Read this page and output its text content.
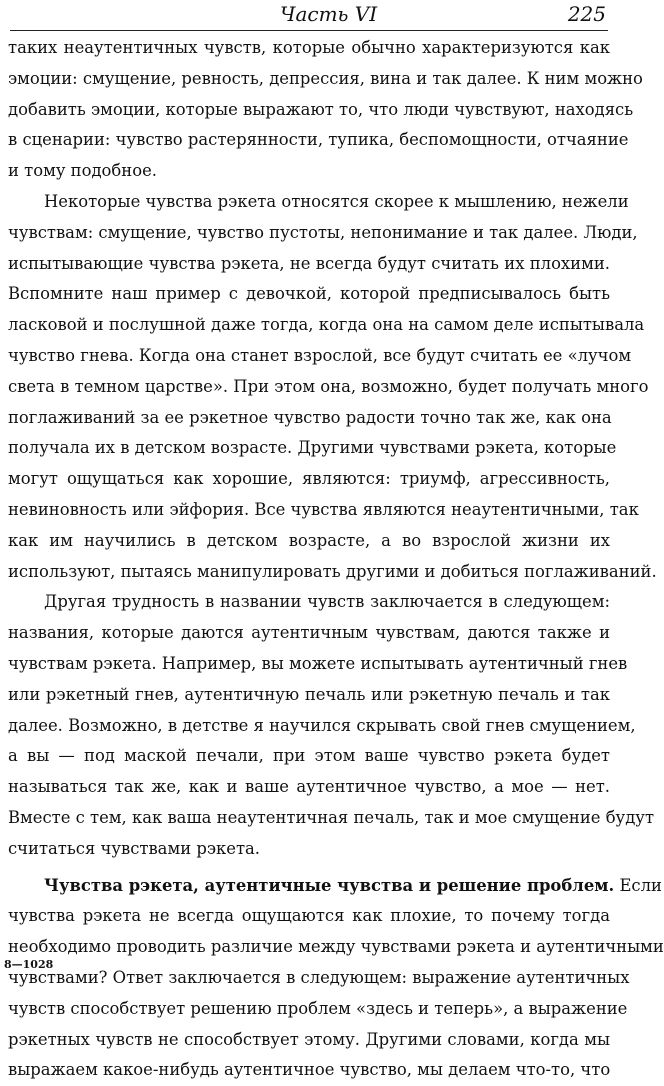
Часть VI	225
таких неаутентичных чувств, которые обычно характеризуются как
эмоции: смущение, ревность, депрессия, вина и так далее. К ним можно
добавить эмоции, которые выражают то, что люди чувствуют, находясь
в сценарии: чувство растерянности, тупика, беспомощности, отчаяние
и тому подобное.
Некоторые чувства рэкета относятся скорее к мышлению, нежели
чувствам: смущение, чувство пустоты, непонимание и так далее. Люди,
испытывающие чувства рэкета, не всегда будут считать их плохими.
Вспомните наш пример с девочкой, которой предписывалось быть
ласковой и послушной даже тогда, когда она на самом деле испытывала
чувство гнева. Когда она станет взрослой, все будут считать ее «лучом
света в темном царстве». При этом она, возможно, будет получать много
поглаживаний за ее рэкетное чувство радости точно так же, как она
получала их в детском возрасте. Другими чувствами рэкета, которые
могут ощущаться как хорошие, являются: триумф, агрессивность,
невиновность или эйфория. Все чувства являются неаутентичными, так
как им научились в детском возрасте, а во взрослой жизни их
используют, пытаясь манипулировать другими и добиться поглаживаний.
Другая трудность в названии чувств заключается в следующем:
названия, которые даются аутентичным чувствам, даются также и
чувствам рэкета. Например, вы можете испытывать аутентичный гнев
или рэкетный гнев, аутентичную печаль или рэкетную печаль и так
далее. Возможно, в детстве я научился скрывать свой гнев смущением,
а вы — под маской печали, при этом ваше чувство рэкета будет
называться так же, как и ваше аутентичное чувство, а мое — нет.
Вместе с тем, как ваша неаутентичная печаль, так и мое смущение будут
считаться чувствами рэкета.
Чувства рэкета, аутентичные чувства и решение проблем. Если
чувства рэкета не всегда ощущаются как плохие, то почему тогда
необходимо проводить различие между чувствами рэкета и аутентичными
чувствами? Ответ заключается в следующем: выражение аутентичных
чувств способствует решению проблем «здесь и теперь», а выражение
рэкетных чувств не способствует этому. Другими словами, когда мы
выражаем какое-нибудь аутентичное чувство, мы делаем что-то, что
8—1028
